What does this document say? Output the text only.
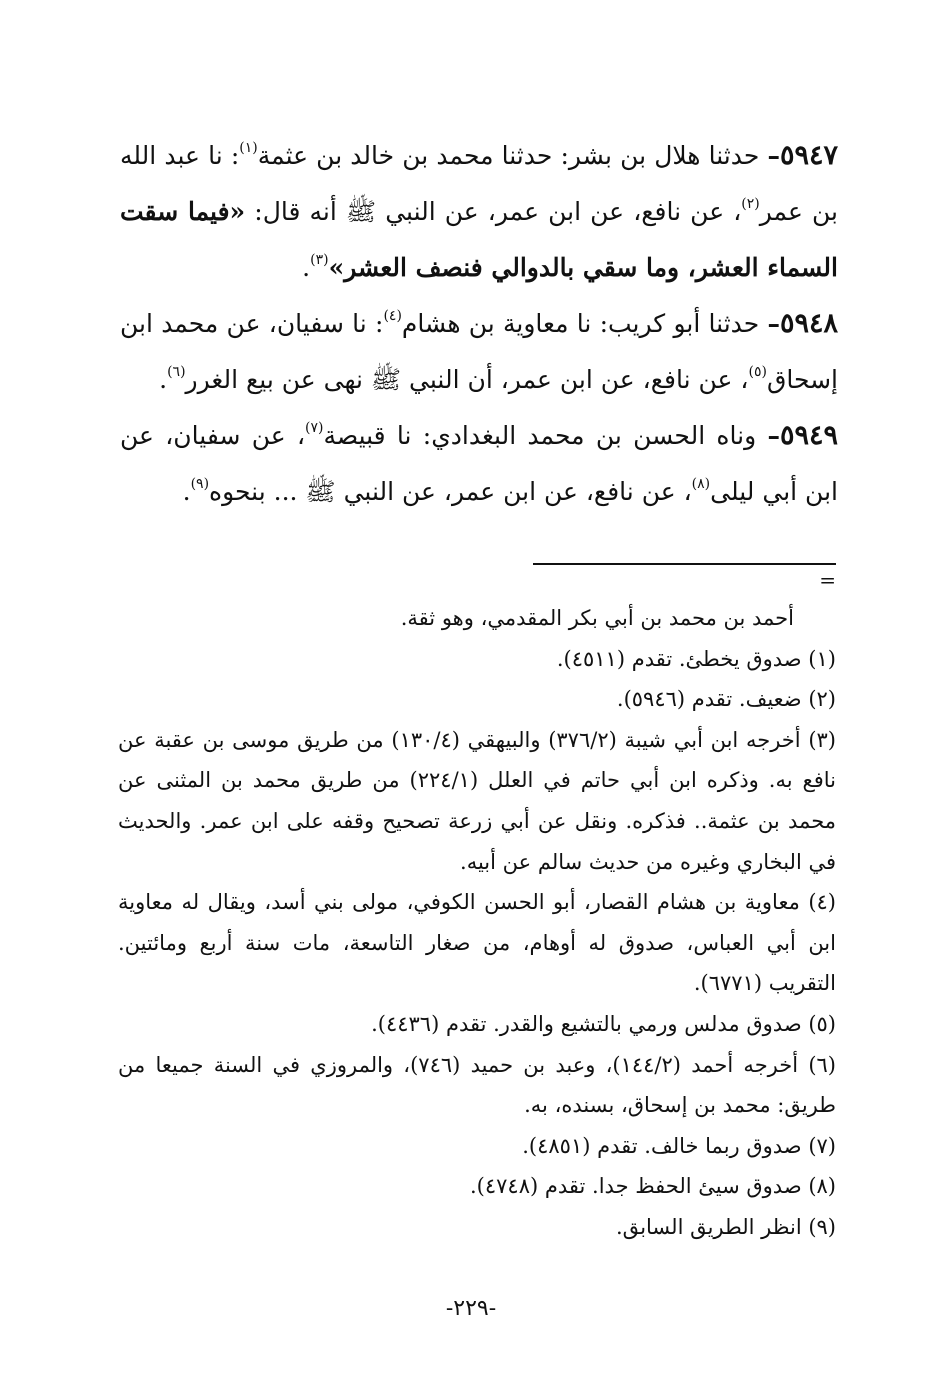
٥٩٤٧– حدثنا هلال بن بشر: حدثنا محمد بن خالد بن عثمة$^{(١)}$: نا عبد الله بن عمر$^{(٢)}$، عن نافع، عن ابن عمر، عن النبي ﷺ أنه قال: «فيما سقت السماء العشر، وما سقي بالدوالي فنصف العشر»$^{(٣)}$.

٥٩٤٨– حدثنا أبو كريب: نا معاوية بن هشام$^{(٤)}$: نا سفيان، عن محمد ابن إسحاق$^{(٥)}$، عن نافع، عن ابن عمر، أن النبي ﷺ نهى عن بيع الغرر$^{(٦)}$.

٥٩٤٩– وناه الحسن بن محمد البغدادي: نا قبيصة$^{(٧)}$، عن سفيان، عن ابن أبي ليلى$^{(٨)}$، عن نافع، عن ابن عمر، عن النبي ﷺ ... بنحوه$^{(٩)}$.

=

أحمد بن محمد بن أبي بكر المقدمي، وهو ثقة.

(١) صدوق يخطئ. تقدم (٤٥١١).

(٢) ضعيف. تقدم (٥٩٤٦).

(٣) أخرجه ابن أبي شيبة (٣٧٦/٢) والبيهقي (١٣٠/٤) من طريق موسى بن عقبة عن نافع به. وذكره ابن أبي حاتم في العلل (٢٢٤/١) من طريق محمد بن المثنى عن محمد بن عثمة.. فذكره. ونقل عن أبي زرعة تصحيح وقفه على ابن عمر. والحديث في البخاري وغيره من حديث سالم عن أبيه.

(٤) معاوية بن هشام القصار، أبو الحسن الكوفي، مولى بني أسد، ويقال له معاوية ابن أبي العباس، صدوق له أوهام، من صغار التاسعة، مات سنة أربع ومائتين. التقريب (٦٧٧١).

(٥) صدوق مدلس ورمي بالتشيع والقدر. تقدم (٤٤٣٦).

(٦) أخرجه أحمد (١٤٤/٢)، وعبد بن حميد (٧٤٦)، والمروزي في السنة جميعا من طريق: محمد بن إسحاق، بسنده، به.

(٧) صدوق ربما خالف. تقدم (٤٨٥١).

(٨) صدوق سيئ الحفظ جدا. تقدم (٤٧٤٨).

(٩) انظر الطريق السابق.

-٢٢٩-
